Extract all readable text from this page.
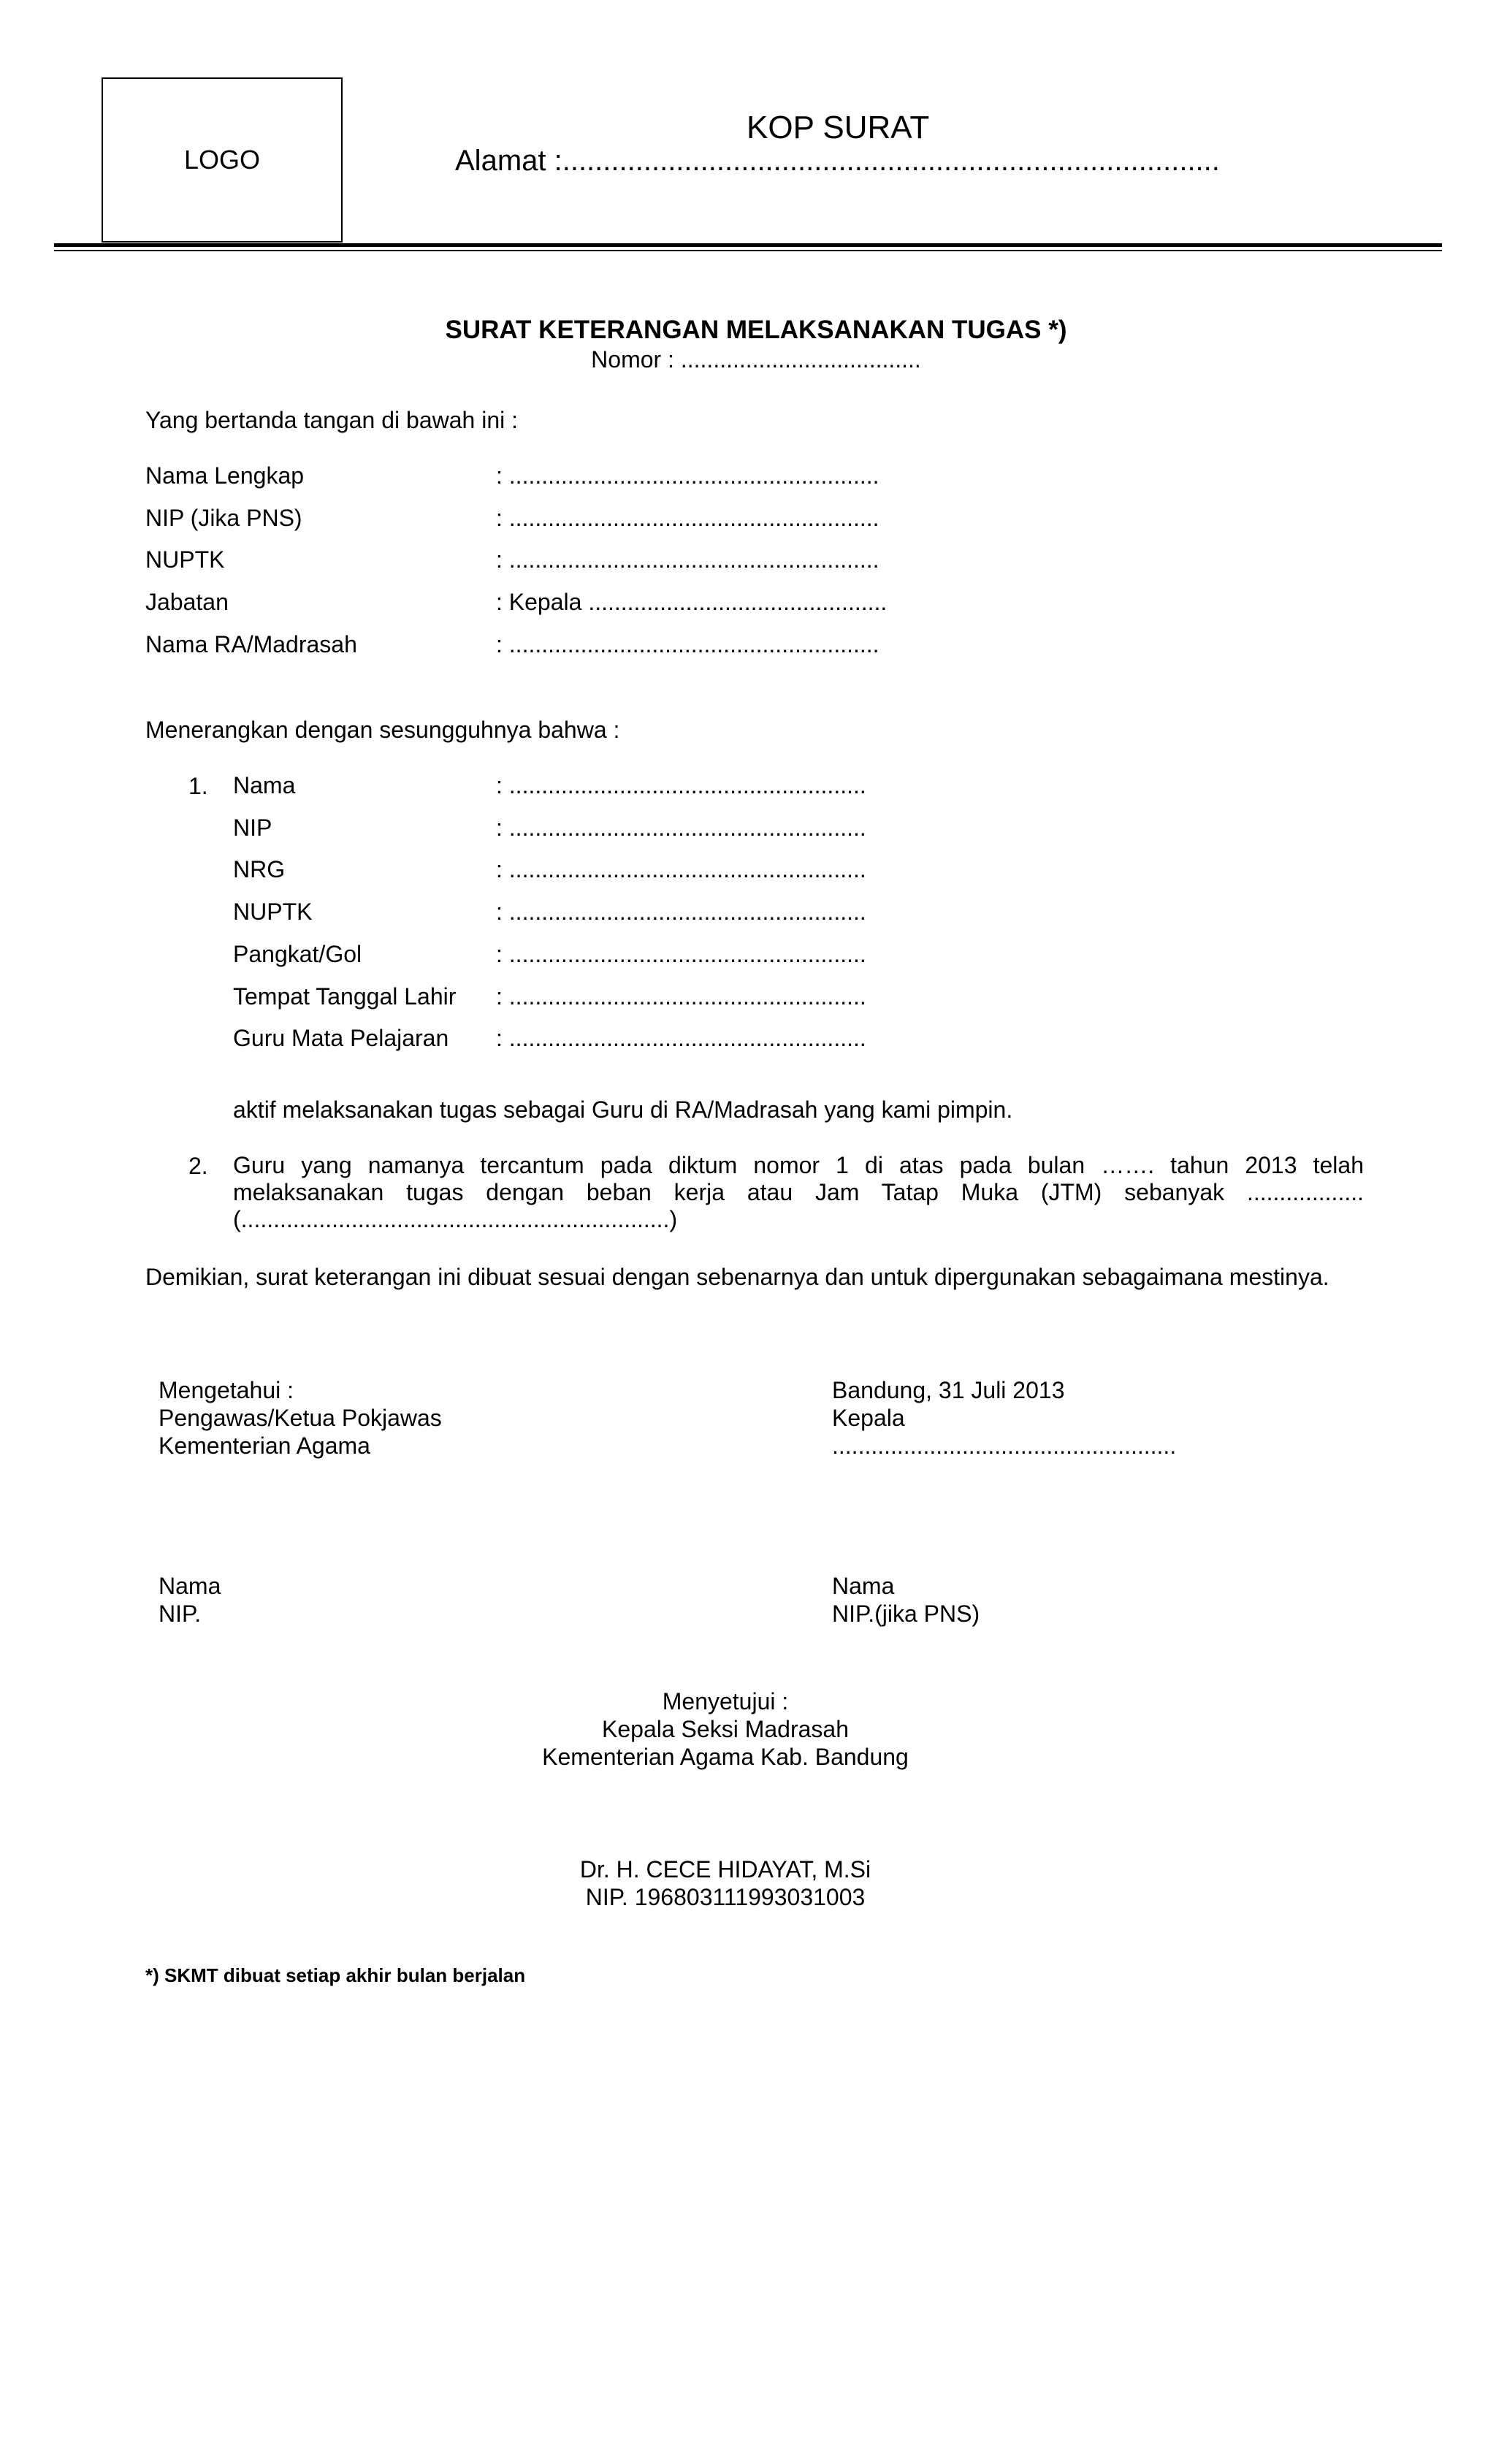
LOGO
KOP SURAT
Alamat :.................................................................................
SURAT KETERANGAN MELAKSANAKAN TUGAS *)
Nomor : .....................................
Yang bertanda tangan di bawah ini :
Nama Lengkap	: .........................................................
NIP (Jika PNS)	: .........................................................
NUPTK	: .........................................................
Jabatan	: Kepala ..............................................
Nama RA/Madrasah	: .........................................................
Menerangkan dengan sesungguhnya bahwa :
1. Nama	: .......................................................
NIP	: .......................................................
NRG	: .......................................................
NUPTK	: .......................................................
Pangkat/Gol	: .......................................................
Tempat Tanggal Lahir : .......................................................
Guru Mata Pelajaran : .......................................................
aktif melaksanakan tugas sebagai Guru di RA/Madrasah yang kami pimpin.
2. Guru yang namanya tercantum pada diktum nomor 1 di atas pada bulan ……. tahun 2013 telah melaksanakan tugas dengan beban kerja atau Jam Tatap Muka (JTM) sebanyak .................. (..................................................................)
Demikian, surat keterangan ini dibuat sesuai dengan sebenarnya dan untuk dipergunakan sebagaimana mestinya.
Mengetahui :
Pengawas/Ketua Pokjawas
Kementerian Agama
Nama
NIP.
Bandung, 31 Juli 2013
Kepala
.....................................................
Nama
NIP.(jika PNS)
Menyetujui :
Kepala Seksi Madrasah
Kementerian Agama Kab. Bandung
Dr. H. CECE HIDAYAT, M.Si
NIP. 196803111993031003
*) SKMT dibuat setiap akhir bulan berjalan
